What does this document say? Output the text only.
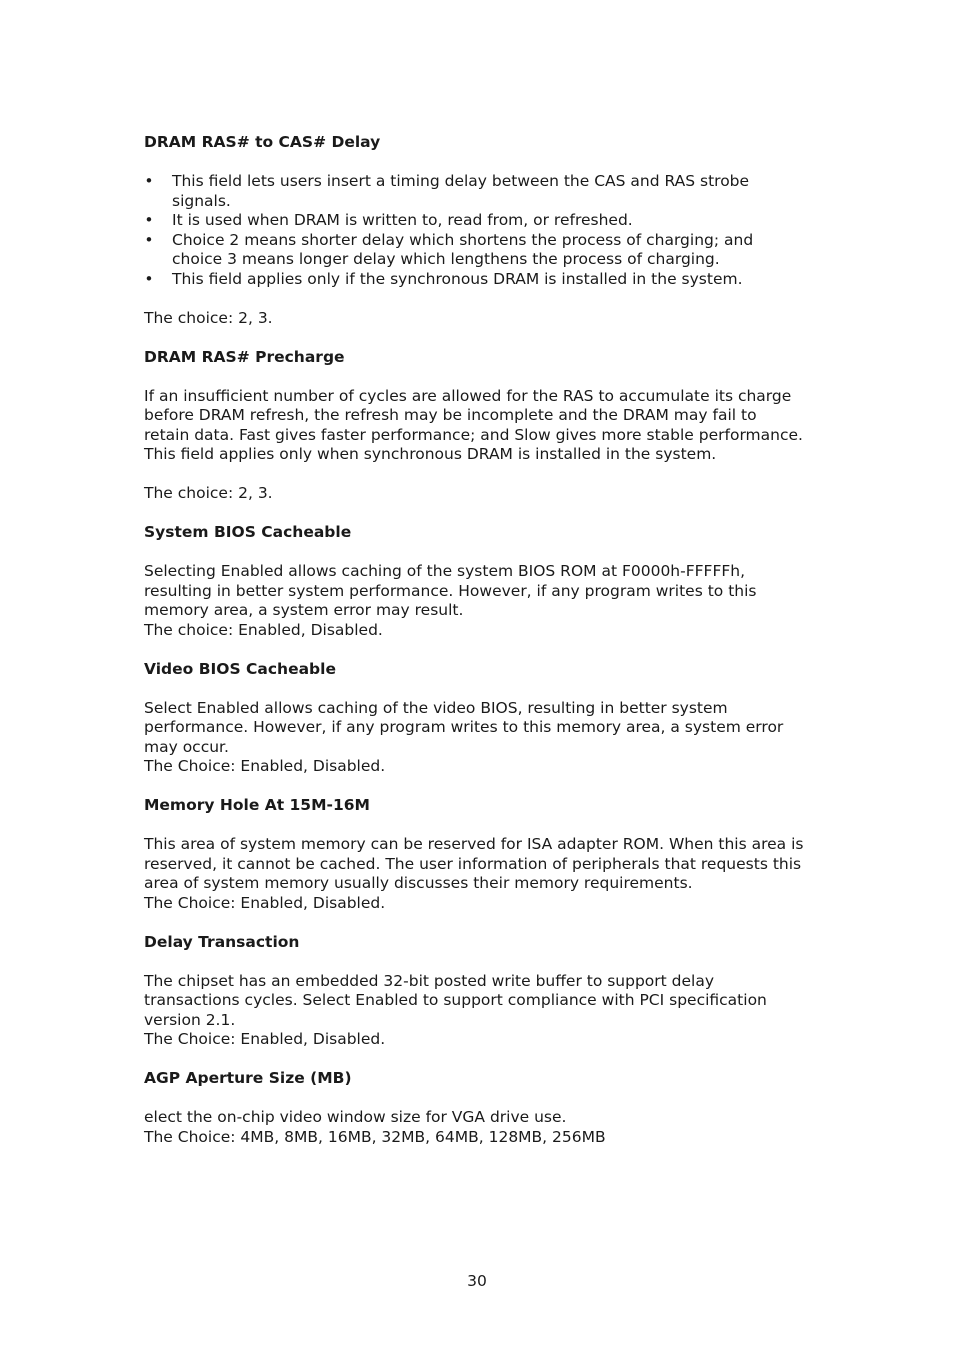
DRAM RAS# to CAS# Delay

• This field lets users insert a timing delay between the CAS and RAS strobe signals.
• It is used when DRAM is written to, read from, or refreshed.
• Choice 2 means shorter delay which shortens the process of charging; and choice 3 means longer delay which lengthens the process of charging.
• This field applies only if the synchronous DRAM is installed in the system.

The choice: 2, 3.

DRAM RAS# Precharge

If an insufficient number of cycles are allowed for the RAS to accumulate its charge before DRAM refresh, the refresh may be incomplete and the DRAM may fail to retain data. Fast gives faster performance; and Slow gives more stable performance. This field applies only when synchronous DRAM is installed in the system.

The choice: 2, 3.

System BIOS Cacheable

Selecting Enabled allows caching of the system BIOS ROM at F0000h-FFFFFh, resulting in better system performance. However, if any program writes to this memory area, a system error may result.

The choice: Enabled, Disabled.

Video BIOS Cacheable

Select Enabled allows caching of the video BIOS, resulting in better system performance. However, if any program writes to this memory area, a system error may occur.

The Choice: Enabled, Disabled.

Memory Hole At 15M-16M

This area of system memory can be reserved for ISA adapter ROM. When this area is reserved, it cannot be cached. The user information of peripherals that requests this area of system memory usually discusses their memory requirements.

The Choice: Enabled, Disabled.

Delay Transaction

The chipset has an embedded 32-bit posted write buffer to support delay transactions cycles. Select Enabled to support compliance with PCI specification version 2.1.

The Choice: Enabled, Disabled.

AGP Aperture Size (MB)

elect the on-chip video window size for VGA drive use.

The Choice: 4MB, 8MB, 16MB, 32MB, 64MB, 128MB, 256MB

30
